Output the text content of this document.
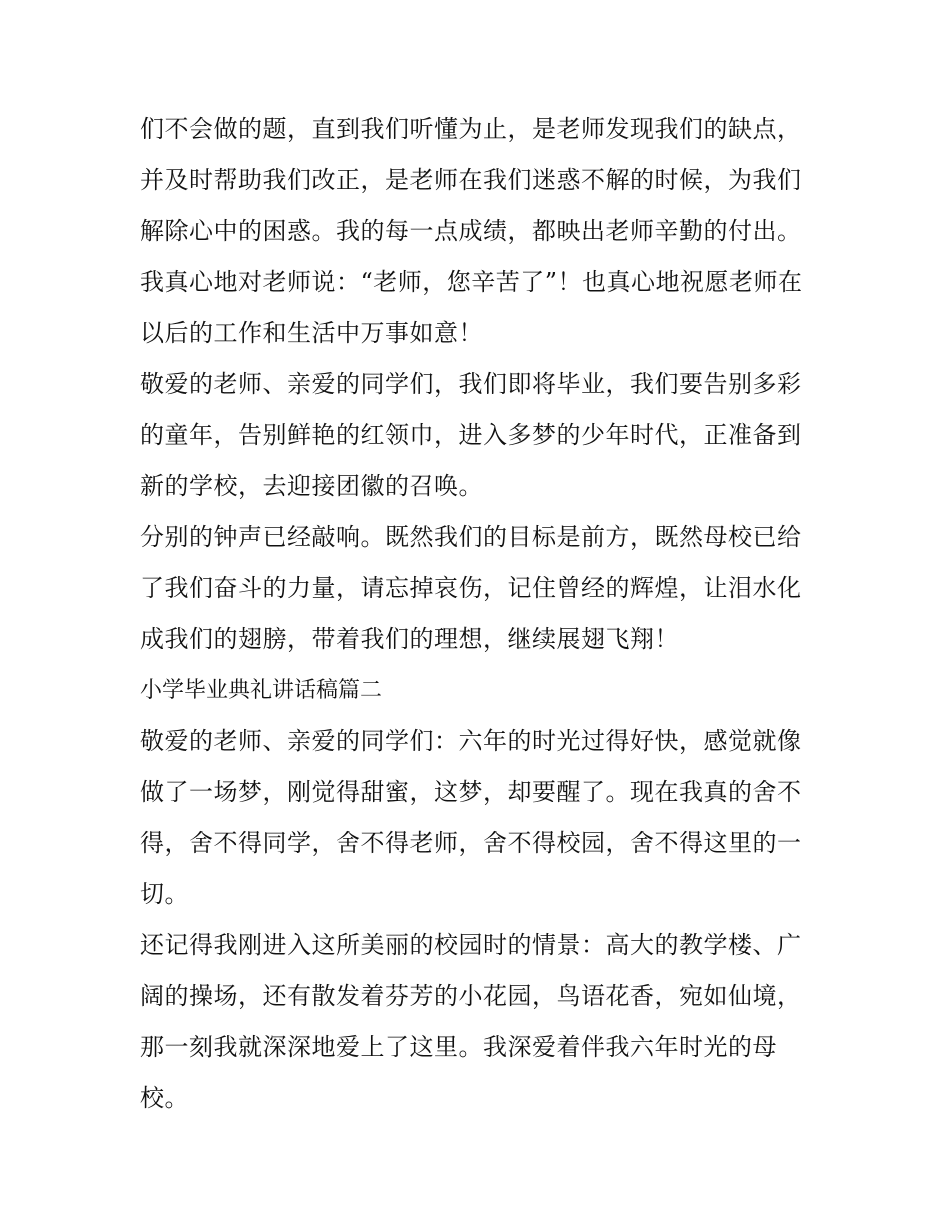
们不会做的题，直到我们听懂为止，是老师发现我们的缺点，
并及时帮助我们改正，是老师在我们迷惑不解的时候，为我们
解除心中的困惑。我的每一点成绩，都映出老师辛勤的付出。
我真心地对老师说：“老师，您辛苦了”！也真心地祝愿老师在
以后的工作和生活中万事如意！
敬爱的老师、亲爱的同学们，我们即将毕业，我们要告别多彩
的童年，告别鲜艳的红领巾，进入多梦的少年时代，正准备到
新的学校，去迎接团徽的召唤。
分别的钟声已经敲响。既然我们的目标是前方，既然母校已给
了我们奋斗的力量，请忘掉哀伤，记住曾经的辉煌，让泪水化
成我们的翅膀，带着我们的理想，继续展翅飞翔！
小学毕业典礼讲话稿篇二
敬爱的老师、亲爱的同学们：六年的时光过得好快，感觉就像
做了一场梦，刚觉得甜蜜，这梦，却要醒了。现在我真的舍不
得，舍不得同学，舍不得老师，舍不得校园，舍不得这里的一
切。
还记得我刚进入这所美丽的校园时的情景：高大的教学楼、广
阔的操场，还有散发着芬芳的小花园，鸟语花香，宛如仙境，
那一刻我就深深地爱上了这里。我深爱着伴我六年时光的母
校。
